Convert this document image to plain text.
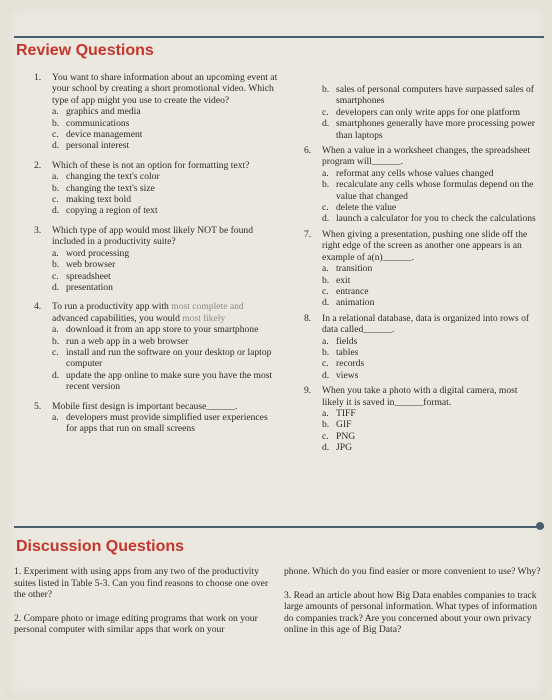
Review Questions
1. You want to share information about an upcoming event at your school by creating a short promotional video. Which type of app might you use to create the video?
a. graphics and media
b. communications
c. device management
d. personal interest
2. Which of these is not an option for formatting text?
a. changing the text's color
b. changing the text's size
c. making text bold
d. copying a region of text
3. Which type of app would most likely NOT be found included in a productivity suite?
a. word processing
b. web browser
c. spreadsheet
d. presentation
4. To run a productivity app with most complete and advanced capabilities, you would most likely
a. download it from an app store to your smartphone
b. run a web app in a web browser
c. install and run the software on your desktop or laptop computer
d. update the app online to make sure you have the most recent version
5. Mobile first design is important because______.
a. developers must provide simplified user experiences for apps that run on small screens
b. sales of personal computers have surpassed sales of smartphones
c. developers can only write apps for one platform
d. smartphones generally have more processing power than laptops
6. When a value in a worksheet changes, the spreadsheet program will______.
a. reformat any cells whose values changed
b. recalculate any cells whose formulas depend on the value that changed
c. delete the value
d. launch a calculator for you to check the calculations
7. When giving a presentation, pushing one slide off the right edge of the screen as another one appears is an example of a(n)______.
a. transition
b. exit
c. entrance
d. animation
8. In a relational database, data is organized into rows of data called______.
a. fields
b. tables
c. records
d. views
9. When you take a photo with a digital camera, most likely it is saved in______format.
a. TIFF
b. GIF
c. PNG
d. JPG
Discussion Questions

1. Experiment with using apps from any two of the productivity suites listed in Table 5-3. Can you find reasons to choose one over the other?

2. Compare photo or image editing programs that work on your personal computer with similar apps that work on your

phone. Which do you find easier or more convenient to use? Why?

3. Read an article about how Big Data enables companies to track large amounts of personal information. What types of information do companies track? Are you concerned about your own privacy online in this age of Big Data?
